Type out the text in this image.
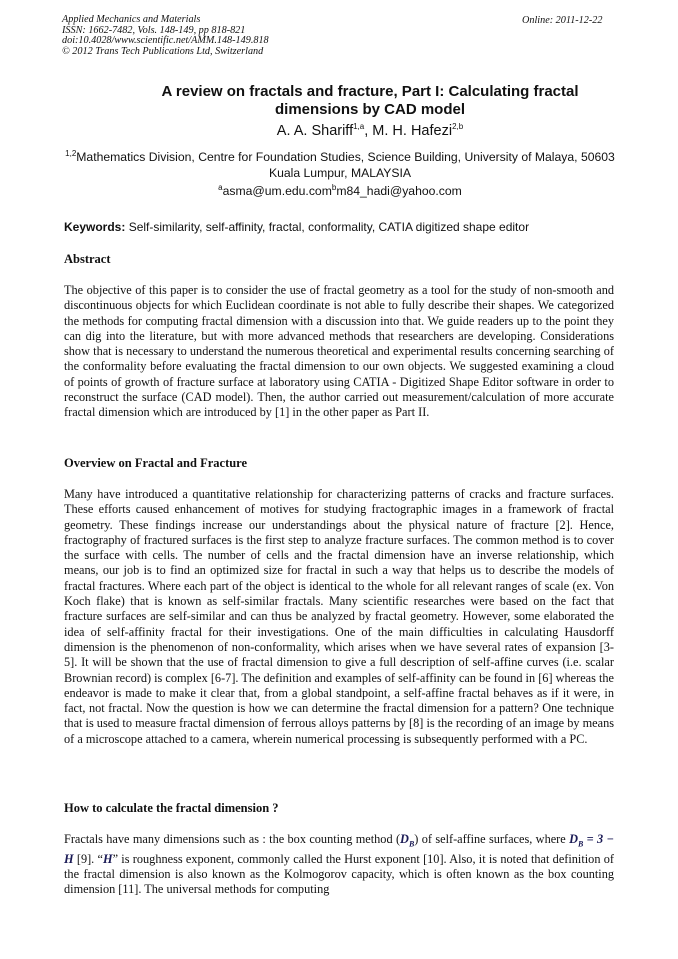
Applied Mechanics and Materials
ISSN: 1662-7482, Vols. 148-149, pp 818-821
doi:10.4028/www.scientific.net/AMM.148-149.818
© 2012 Trans Tech Publications Ltd, Switzerland
Online: 2011-12-22
A review on fractals and fracture, Part I: Calculating fractal dimensions by CAD model
A. A. Shariff$^{1,a}$, M. H. Hafezi$^{2,b}$
$^{1,2}$Mathematics Division, Centre for Foundation Studies, Science Building, University of Malaya, 50603 Kuala Lumpur, MALAYSIA
$^a$asma@um.edu.com$^b$m84_hadi@yahoo.com
Keywords: Self-similarity, self-affinity, fractal, conformality, CATIA digitized shape editor
Abstract
The objective of this paper is to consider the use of fractal geometry as a tool for the study of non-smooth and discontinuous objects for which Euclidean coordinate is not able to fully describe their shapes. We categorized the methods for computing fractal dimension with a discussion into that. We guide readers up to the point they can dig into the literature, but with more advanced methods that researchers are developing. Considerations show that is necessary to understand the numerous theoretical and experimental results concerning searching of the conformality before evaluating the fractal dimension to our own objects. We suggested examining a cloud of points of growth of fracture surface at laboratory using CATIA - Digitized Shape Editor software in order to reconstruct the surface (CAD model). Then, the author carried out measurement/calculation of more accurate fractal dimension which are introduced by [1] in the other paper as Part II.
Overview on Fractal and Fracture
Many have introduced a quantitative relationship for characterizing patterns of cracks and fracture surfaces. These efforts caused enhancement of motives for studying fractographic images in a framework of fractal geometry. These findings increase our understandings about the physical nature of fracture [2]. Hence, fractography of fractured surfaces is the first step to analyze fracture surfaces. The common method is to cover the surface with cells. The number of cells and the fractal dimension have an inverse relationship, which means, our job is to find an optimized size for fractal in such a way that helps us to describe the models of fractal fractures. Where each part of the object is identical to the whole for all relevant ranges of scale (ex. Von Koch flake) that is known as self-similar fractals. Many scientific researches were based on the fact that fracture surfaces are self-similar and can thus be analyzed by fractal geometry. However, some elaborated the idea of self-affinity fractal for their investigations. One of the main difficulties in calculating Hausdorff dimension is the phenomenon of non-conformality, which arises when we have several rates of expansion [3-5]. It will be shown that the use of fractal dimension to give a full description of self-affine curves (i.e. scalar Brownian record) is complex [6-7]. The definition and examples of self-affinity can be found in [6] whereas the endeavor is made to make it clear that, from a global standpoint, a self-affine fractal behaves as if it were, in fact, not fractal. Now the question is how we can determine the fractal dimension for a pattern? One technique that is used to measure fractal dimension of ferrous alloys patterns by [8] is the recording of an image by means of a microscope attached to a camera, wherein numerical processing is subsequently performed with a PC.
How to calculate the fractal dimension ?
Fractals have many dimensions such as : the box counting method $(D_B)$ of self-affine surfaces, where $D_B = 3 - H$ [9]. “H” is roughness exponent, commonly called the Hurst exponent [10]. Also, it is noted that definition of the fractal dimension is also known as the Kolmogorov capacity, which is often known as the box counting dimension [11]. The universal methods for computing
